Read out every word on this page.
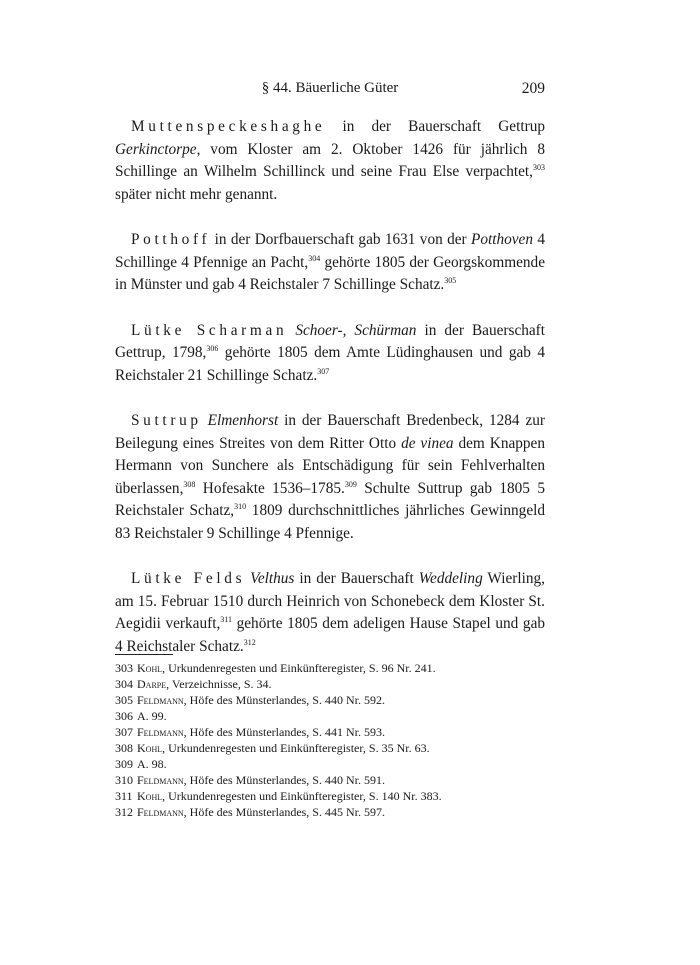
§ 44. Bäuerliche Güter	209

Muttenspeckeshaghe in der Bauerschaft Gettrup Gerkinctorpe, vom Kloster am 2. Oktober 1426 für jährlich 8 Schillinge an Wilhelm Schillinck und seine Frau Else verpachtet,$^{303}$ später nicht mehr genannt.

Potthoff in der Dorfbauerschaft gab 1631 von der Potthoven 4 Schillinge 4 Pfennige an Pacht,$^{304}$ gehörte 1805 der Georgskommende in Münster und gab 4 Reichstaler 7 Schillinge Schatz.$^{305}$

Lütke Scharman Schoer-, Schürman in der Bauerschaft Gettrup, 1798,$^{306}$ gehörte 1805 dem Amte Lüdinghausen und gab 4 Reichstaler 21 Schillinge Schatz.$^{307}$

Suttrup Elmenhorst in der Bauerschaft Bredenbeck, 1284 zur Beilegung eines Streites von dem Ritter Otto de vinea dem Knappen Hermann von Sunchere als Entschädigung für sein Fehlverhalten überlassen,$^{308}$ Hofesakte 1536–1785.$^{309}$ Schulte Suttrup gab 1805 5 Reichstaler Schatz,$^{310}$ 1809 durchschnittliches jährliches Gewinngeld 83 Reichstaler 9 Schillinge 4 Pfennige.

Lütke Felds Velthus in der Bauerschaft Weddeling Wierling, am 15. Februar 1510 durch Heinrich von Schonebeck dem Kloster St. Aegidii verkauft,$^{311}$ gehörte 1805 dem adeligen Hause Stapel und gab 4 Reichstaler Schatz.$^{312}$

303 Kohl, Urkundenregesten und Einkünfteregister, S. 96 Nr. 241.
304 Darpe, Verzeichnisse, S. 34.
305 Feldmann, Höfe des Münsterlandes, S. 440 Nr. 592.
306 A. 99.
307 Feldmann, Höfe des Münsterlandes, S. 441 Nr. 593.
308 Kohl, Urkundenregesten und Einkünfteregister, S. 35 Nr. 63.
309 A. 98.
310 Feldmann, Höfe des Münsterlandes, S. 440 Nr. 591.
311 Kohl, Urkundenregesten und Einkünfteregister, S. 140 Nr. 383.
312 Feldmann, Höfe des Münsterlandes, S. 445 Nr. 597.
